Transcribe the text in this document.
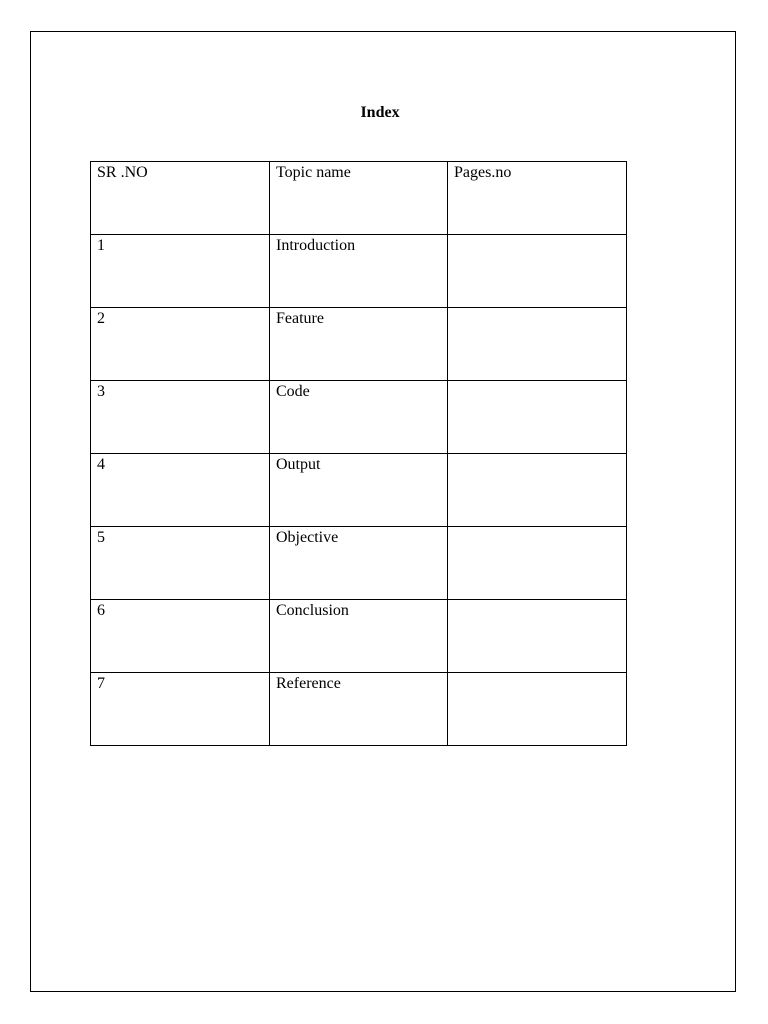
Index
SR .NO	Topic name	Pages.no

1	Introduction	

2	Feature	

3	Code	

4	Output	

5	Objective	

6	Conclusion	

7	Reference	
